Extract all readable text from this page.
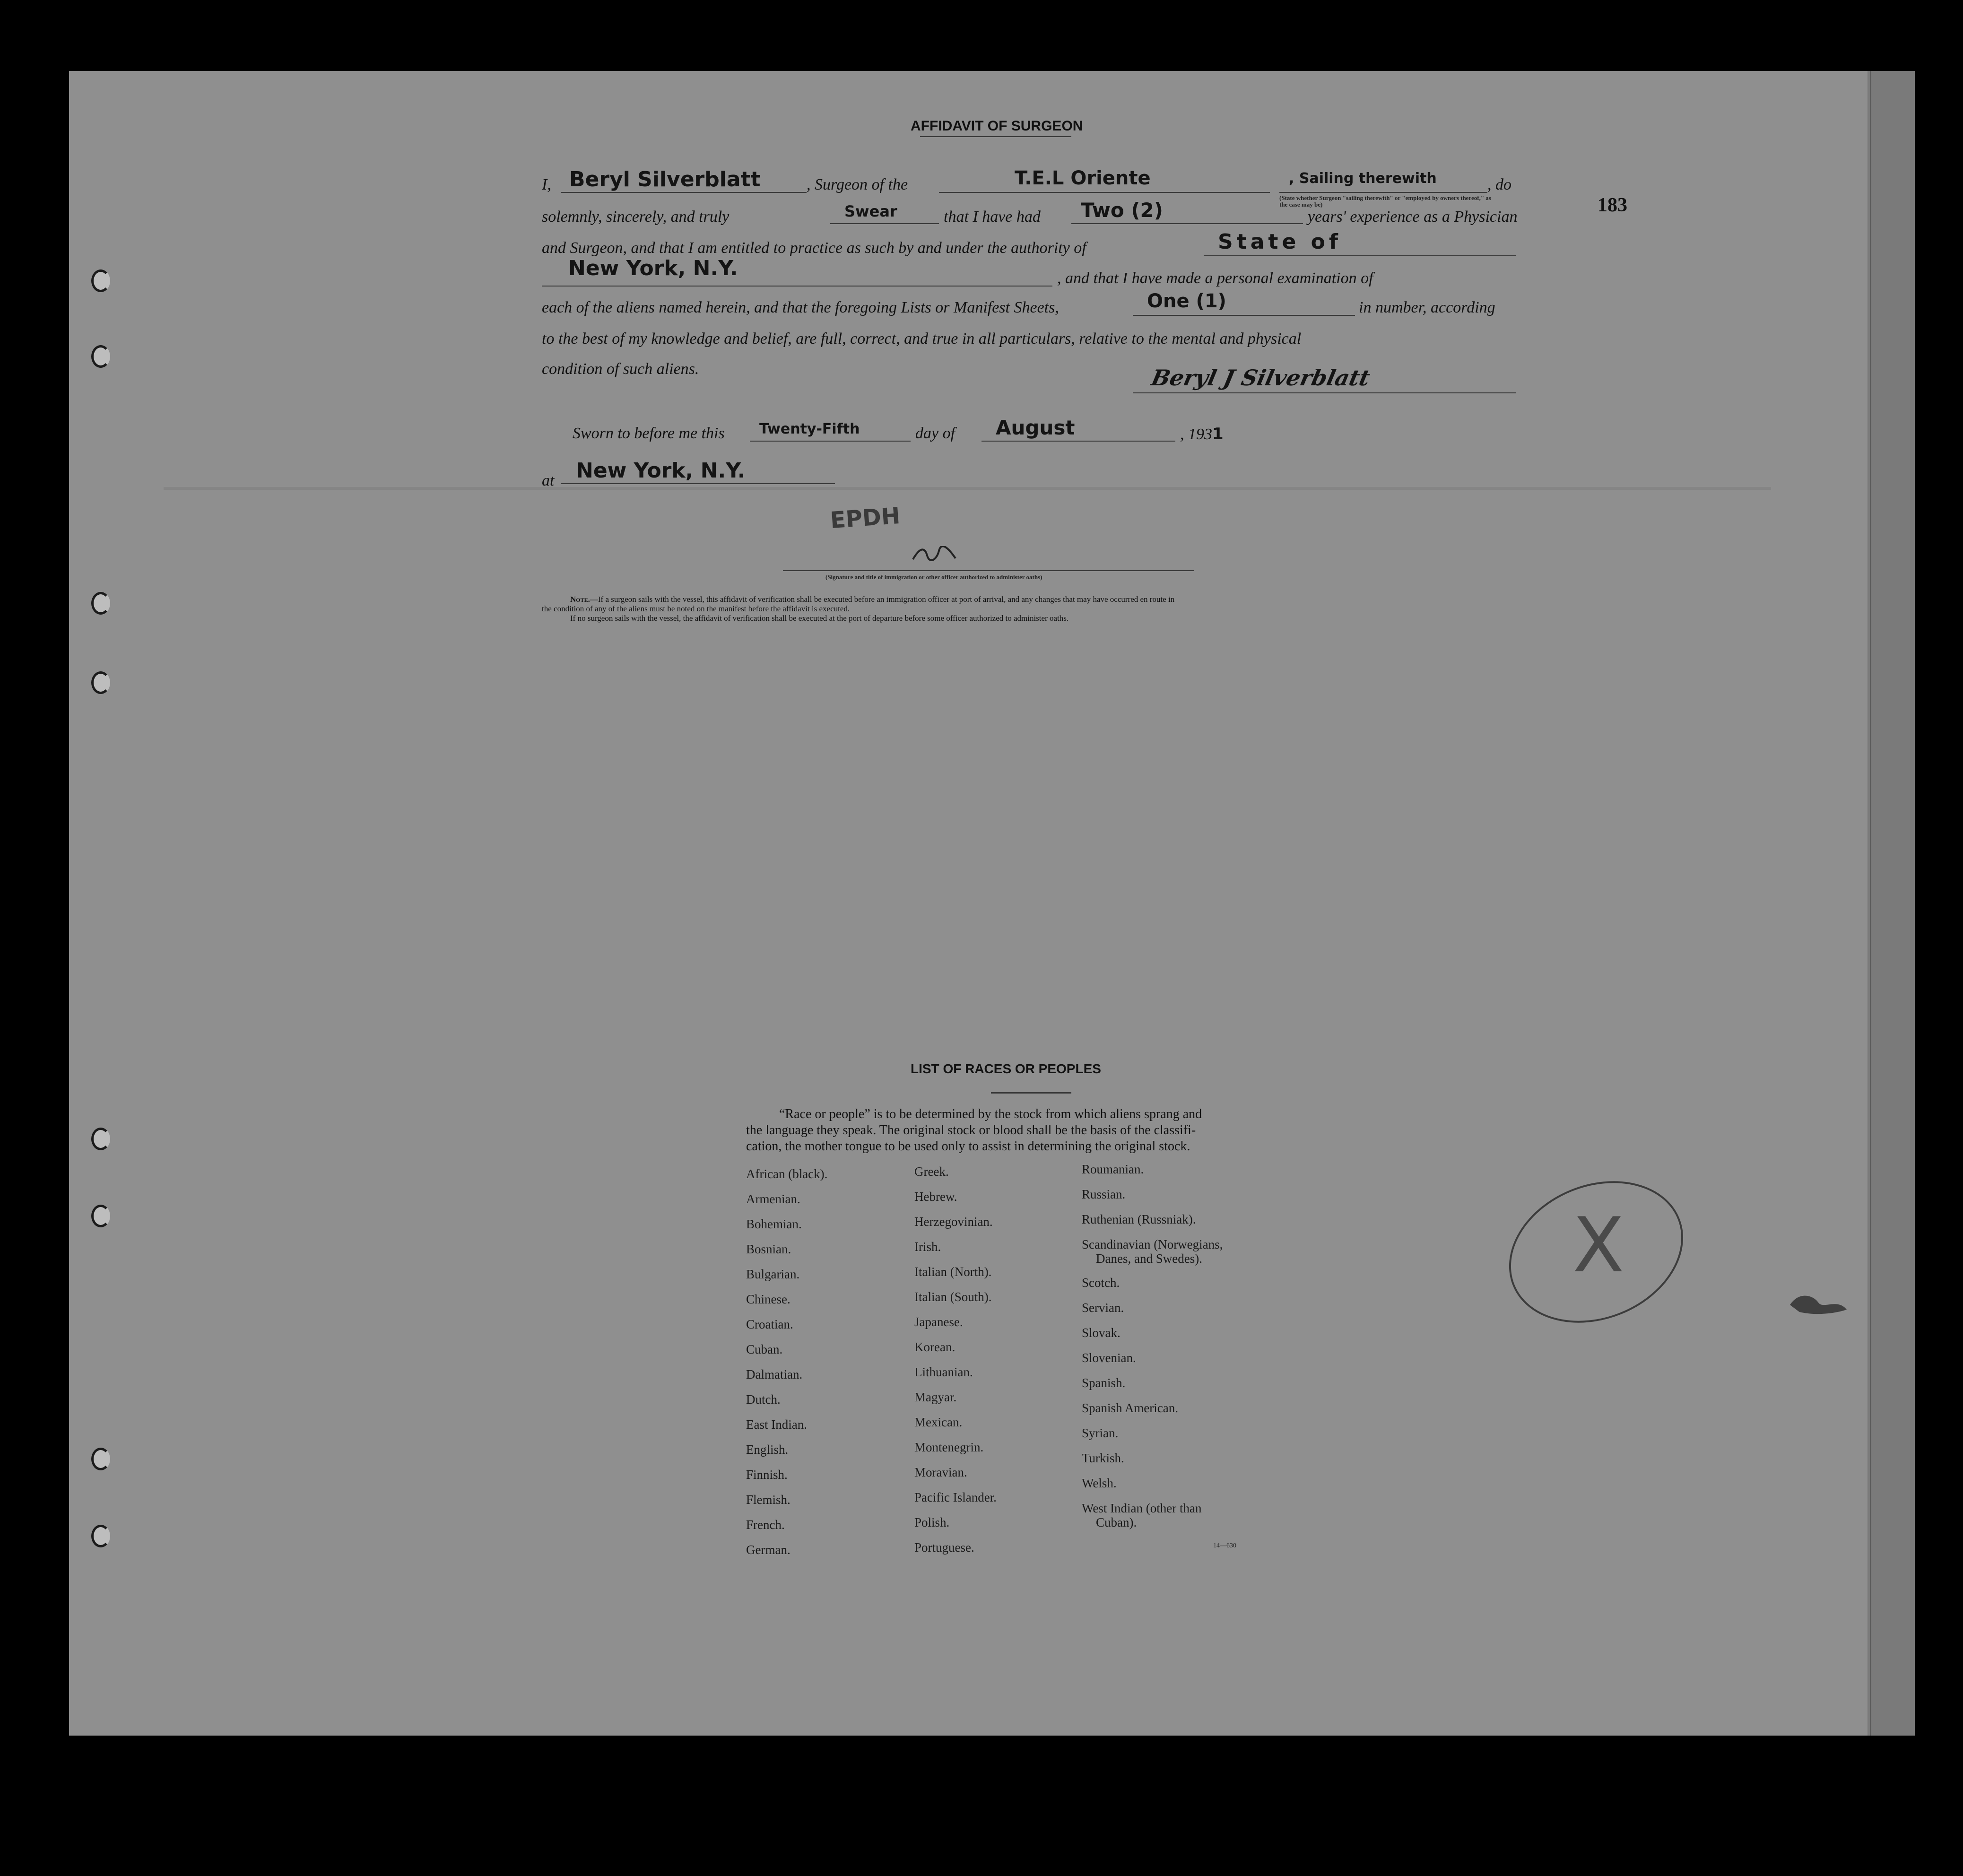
183
AFFIDAVIT OF SURGEON
I, Beryl Silverblatt	, Surgeon of the	T.E.L Oriente	, Sailing therewith	, do
(State whether Surgeon "sailing therewith" or "employed by owners thereof," as the case may be)
solemnly, sincerely, and truly	Swear	that I have had Two (2)	years' experience as a Physician
and Surgeon, and that I am entitled to practice as such by and under the authority of	State of
New York, N.Y.	, and that I have made a personal examination of
each of the aliens named herein, and that the foregoing Lists or Manifest Sheets,	One (1)	in number, according
to the best of my knowledge and belief, are full, correct, and true in all particulars, relative to the mental and physical
condition of such aliens.	Beryl J Silverblatt
Sworn to before me this Twenty-Fifth	day of August	, 1931
at New York, N.Y.
EPDH
(Signature and title of immigration or other officer authorized to administer oaths)
Note.—If a surgeon sails with the vessel, this affidavit of verification shall be executed before an immigration officer at port of arrival, and any changes that may have occurred en route in
the condition of any of the aliens must be noted on the manifest before the affidavit is executed.
If no surgeon sails with the vessel, the affidavit of verification shall be executed at the port of departure before some officer authorized to administer oaths.
LIST OF RACES OR PEOPLES
“Race or people” is to be determined by the stock from which aliens sprang and
the language they speak. The original stock or blood shall be the basis of the classifi-
cation, the mother tongue to be used only to assist in determining the original stock.
African (black).
Armenian.
Bohemian.
Bosnian.
Bulgarian.
Chinese.
Croatian.
Cuban.
Dalmatian.
Dutch.
East Indian.
English.
Finnish.
Flemish.
French.
German.
Greek.
Hebrew.
Herzegovinian.
Irish.
Italian (North).
Italian (South).
Japanese.
Korean.
Lithuanian.
Magyar.
Mexican.
Montenegrin.
Moravian.
Pacific Islander.
Polish.
Portuguese.
Roumanian.
Russian.
Ruthenian (Russniak).
Scandinavian (Norwegians,
Danes, and Swedes).
Scotch.
Servian.
Slovak.
Slovenian.
Spanish.
Spanish American.
Syrian.
Turkish.
Welsh.
West Indian (other than
Cuban).
14—630
X
